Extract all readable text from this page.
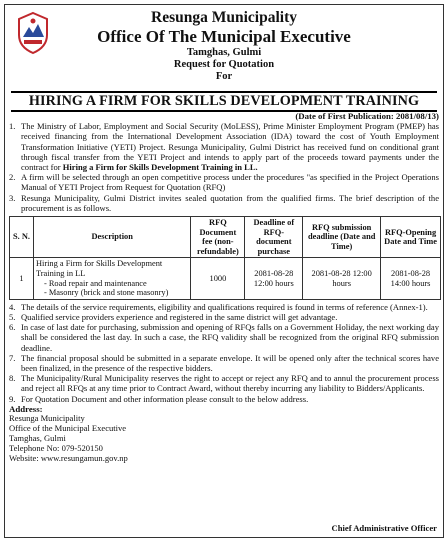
Resunga Municipality
Office Of The Municipal Executive
Tamghas, Gulmi
Request for Quotation
For
HIRING A FIRM FOR SKILLS DEVELOPMENT TRAINING
(Date of First Publication: 2081/08/13)
1. The Ministry of Labor, Employment and Social Security (MoLESS), Prime Minister Employment Program (PMEP) has received financing from the International Development Association (IDA) toward the cost of Youth Employment Transformation Initiative (YETI) Project. Resunga Municipality, Gulmi District has received fund on conditional grant through fiscal transfer from the YETI Project and intends to apply part of the proceeds toward payments under the contract for Hiring a Firm for Skills Development Training in LL.
2. A firm will be selected through an open competitive process under the procedures "as specified in the Project Operations Manual of YETI Project from Request for Quotation (RFQ)
3. Resunga Municipality, Gulmi District invites sealed quotation from the qualified firms. The brief description of the procurement is as follows.
S. N.	Description	RFQ Document fee (non-refundable)	Deadline of RFQ-document purchase	RFQ submission deadline (Date and Time)	RFQ-Opening Date and Time
1	Hiring a Firm for Skills Development Training in LL
- Road repair and maintenance
- Masonry (brick and stone masonry)	1000	2081-08-28 12:00 hours	2081-08-28 12:00 hours	2081-08-28 14:00 hours
4. The details of the service requirements, eligibility and qualifications required is found in terms of reference (Annex-1).
5. Qualified service providers experience and registered in the same district will get advantage.
6. In case of last date for purchasing, submission and opening of RFQs falls on a Government Holiday, the next working day shall be considered the last day. In such a case, the RFQ validity shall be recognized from the original RFQ submission deadline.
7. The financial proposal should be submitted in a separate envelope. It will be opened only after the technical scores have been finalized, in the presence of the respective bidders.
8. The Municipality/Rural Municipality reserves the right to accept or reject any RFQ and to annul the procurement process and reject all RFQs at any time prior to Contract Award, without thereby incurring any liability to Bidders/Applicants.
9. For Quotation Document and other information please consult to the below address.
Address:
Resunga Municipality
Office of the Municipal Executive
Tamghas, Gulmi
Telephone No: 079-520150
Website: www.resungamun.gov.np
Chief Administrative Officer
